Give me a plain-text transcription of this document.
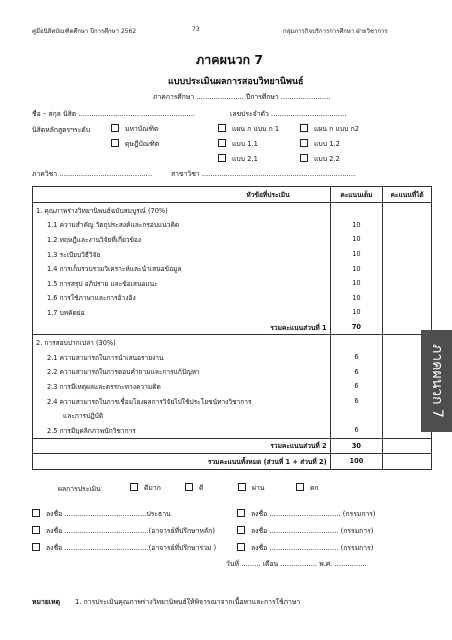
คู่มือนิสิตบัณฑิตศึกษา ปีการศึกษา 2562	73	กลุ่มภารกิจบริการการศึกษา ฝ่ายวิชาการ
ภาคผนวก 7
แบบประเมินผลการสอบวิทยานิพนธ์
ภาคการศึกษา ...................... ปีการศึกษา .......................
ชื่อ – สกุล นิสิต ......................................................	เลขประจำตัว ...................................
นิสิตหลักสูตรฯระดับ	มหาบัณฑิต	แผน ก แบบ ก 1	แผน ก แบบ ก2
ดุษฎีบัณฑิต	แบบ 1.1	แบบ 1.2
แบบ 2.1	แบบ 2.2
ภาควิชา ...........................................	สาขาวิชา .......................................................................
หัวข้อที่ประเมิน	คะแนนเต็ม	คะแนนที่ได้
1. คุณภาพร่างวิทยานิพนธ์ฉบับสมบูรณ์ (70%)		
1.1 ความสำคัญ วัตถุประสงค์และกรอบแนวคิด	10	
1.2 ทฤษฎีและงานวิจัยที่เกี่ยวข้อง	10	
1.3 ระเบียบวิธีวิจัย	10	
1.4 การเก็บรวบรวมวิเคราะห์และนำเสนอข้อมูล	10	
1.5 การสรุป อภิปราย และข้อเสนอแนะ	10	
1.6 การใช้ภาษาและการอ้างอิง	10	
1.7 บทคัดย่อ	10	
รวมคะแนนส่วนที่ 1	70	
2. การสอบปากเปล่า (30%)		
2.1 ความสามารถในการนำเสนอรายงาน	6	
2.2 ความสามารถในการตอบคำถามและการแก้ปัญหา	6	
2.3 การมีเหตุผลและตรรกะทางความคิด	6	
2.4 ความสามารถในการเชื่อมโยงผลการวิจัยไปใช้ประโยชน์ทางวิชาการ	6	
และการปฏิบัติ		
2.5 การมีบุคลิกภาพนักวิชาการ	6	
รวมคะแนนส่วนที่ 2	30	
รวมคะแนนทั้งหมด (ส่วนที่ 1 + ส่วนที่ 2)	100	
ผลการประเมิน	ดีมาก	ดี	ผ่าน	ตก
ลงชื่อ ......................................ประธาน
ลงชื่อ .......................................(อาจารย์ที่ปรึกษาหลัก)
ลงชื่อ .......................................(อาจารย์ที่ปรึกษาร่วม )
ลงชื่อ ................................. (กรรมการ)
ลงชื่อ ................................ (กรรมการ)
ลงชื่อ ................................ (กรรมการ)
วันที่ ......... เดือน ................. พ.ศ. ...............
หมายเหตุ 1. การประเมินคุณภาพร่างวิทยานิพนธ์ให้พิจารณาจากเนื้อหาและการใช้ภาษา
ภาคผนวก 7
